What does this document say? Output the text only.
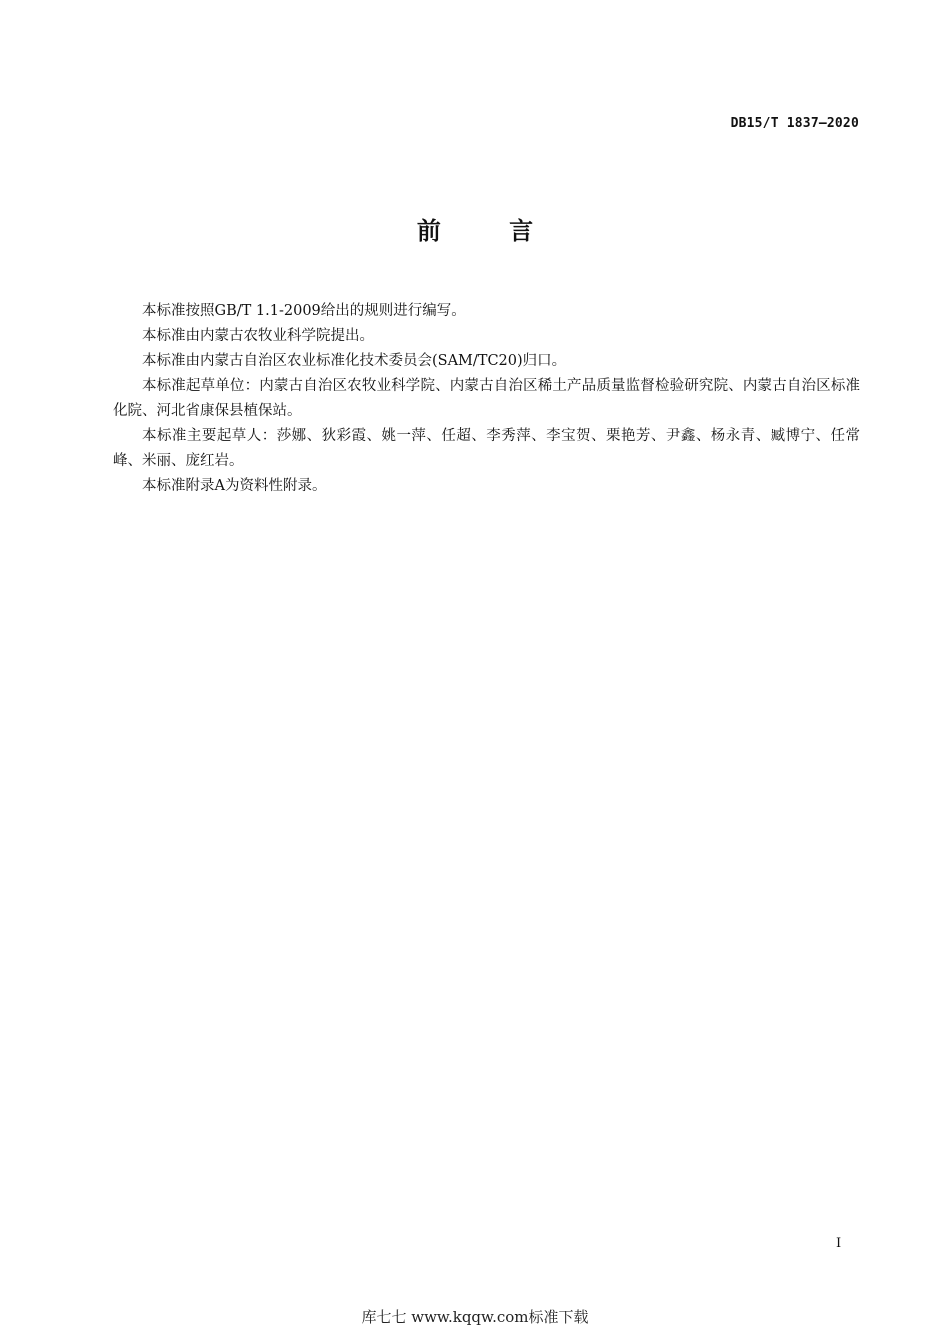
DB15/T 1837—2020
前 言

本标准按照GB/T 1.1-2009给出的规则进行编写。

本标准由内蒙古农牧业科学院提出。

本标准由内蒙古自治区农业标准化技术委员会(SAM/TC20)归口。

本标准起草单位：内蒙古自治区农牧业科学院、内蒙古自治区稀土产品质量监督检验研究院、内蒙古自治区标准化院、河北省康保县植保站。

本标准主要起草人：莎娜、狄彩霞、姚一萍、任超、李秀萍、李宝贺、栗艳芳、尹鑫、杨永青、臧博宁、任常峰、米丽、庞红岩。

本标准附录A为资料性附录。

I
库七七 www.kqqw.com标准下载
